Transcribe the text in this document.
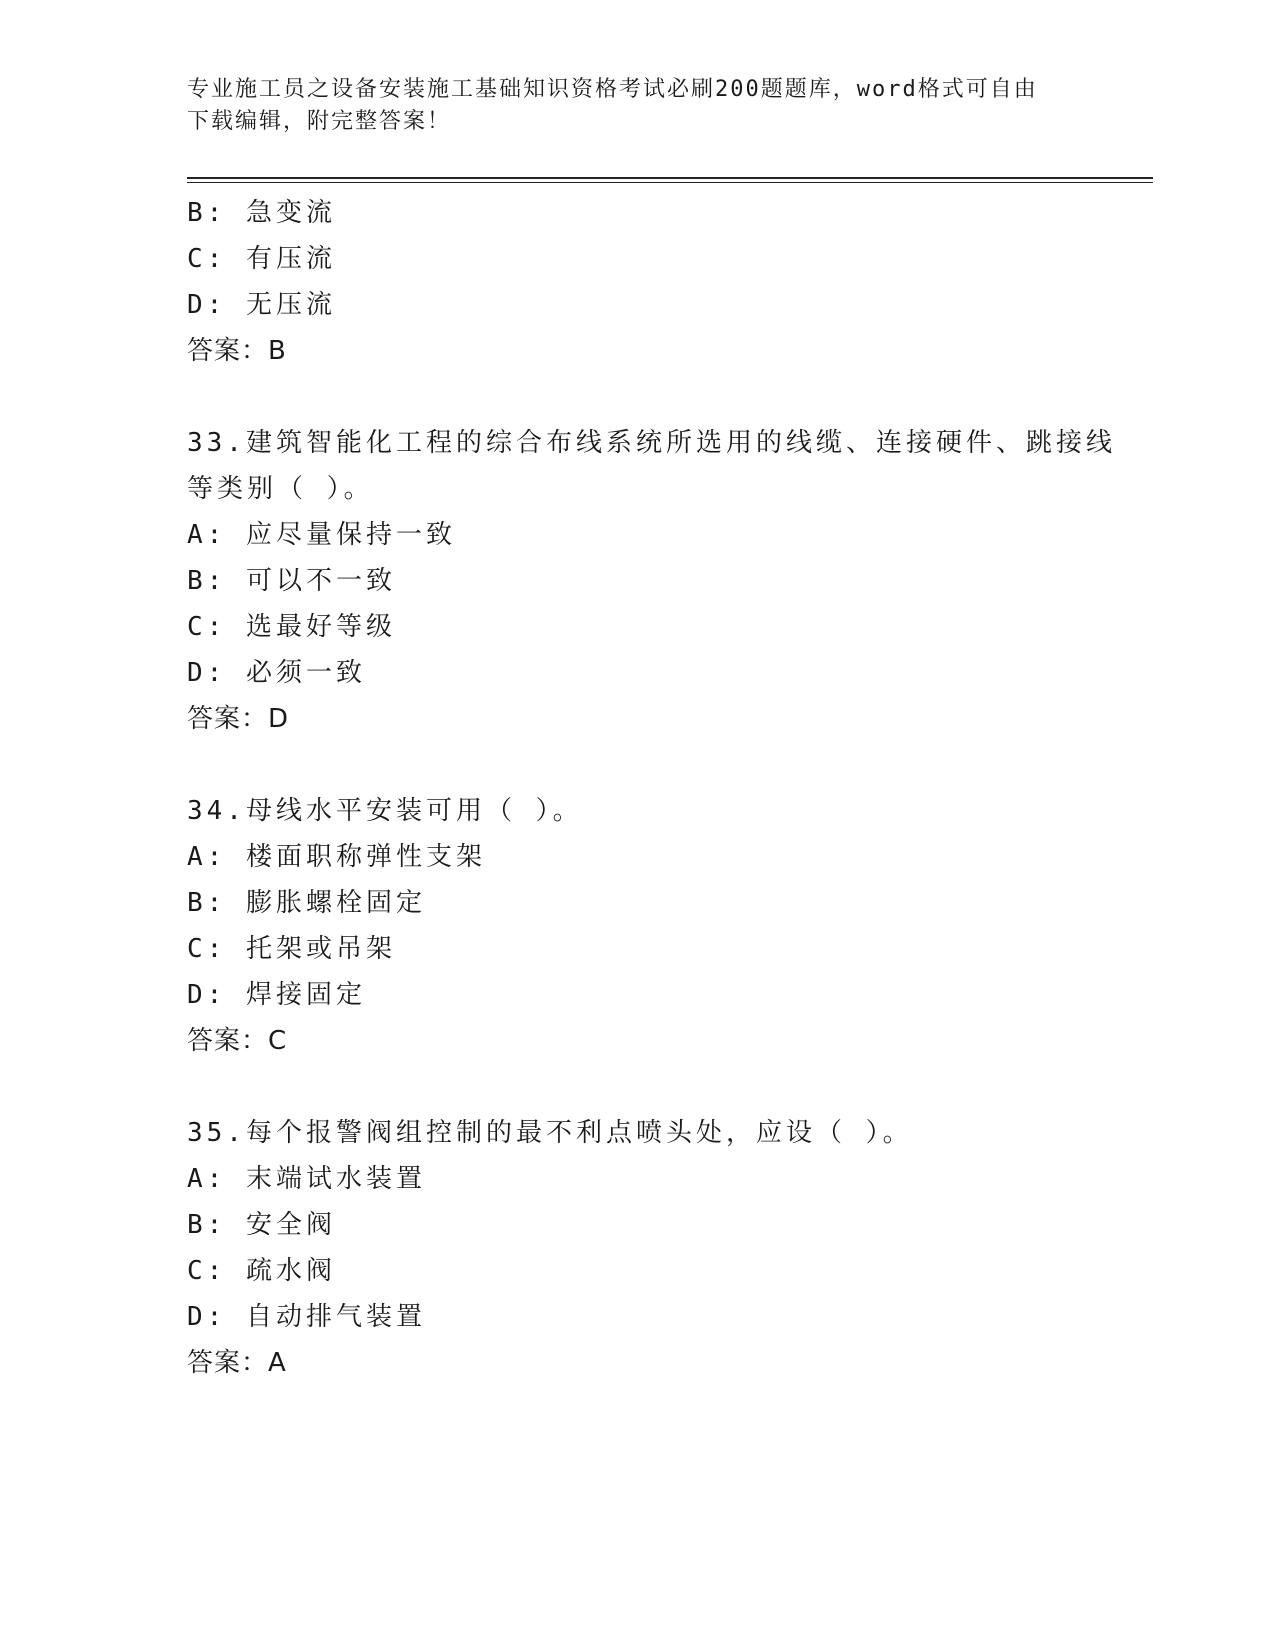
专业施工员之设备安装施工基础知识资格考试必刷200题题库，word格式可自由
下载编辑，附完整答案！
B: 急变流
C: 有压流
D: 无压流
答案：B
33.建筑智能化工程的综合布线系统所选用的线缆、连接硬件、跳接线
等类别（ ）。
A: 应尽量保持一致
B: 可以不一致
C: 选最好等级
D: 必须一致
答案：D
34.母线水平安装可用（ ）。
A: 楼面职称弹性支架
B: 膨胀螺栓固定
C: 托架或吊架
D: 焊接固定
答案：C
35.每个报警阀组控制的最不利点喷头处，应设（ ）。
A: 末端试水装置
B: 安全阀
C: 疏水阀
D: 自动排气装置
答案：A
